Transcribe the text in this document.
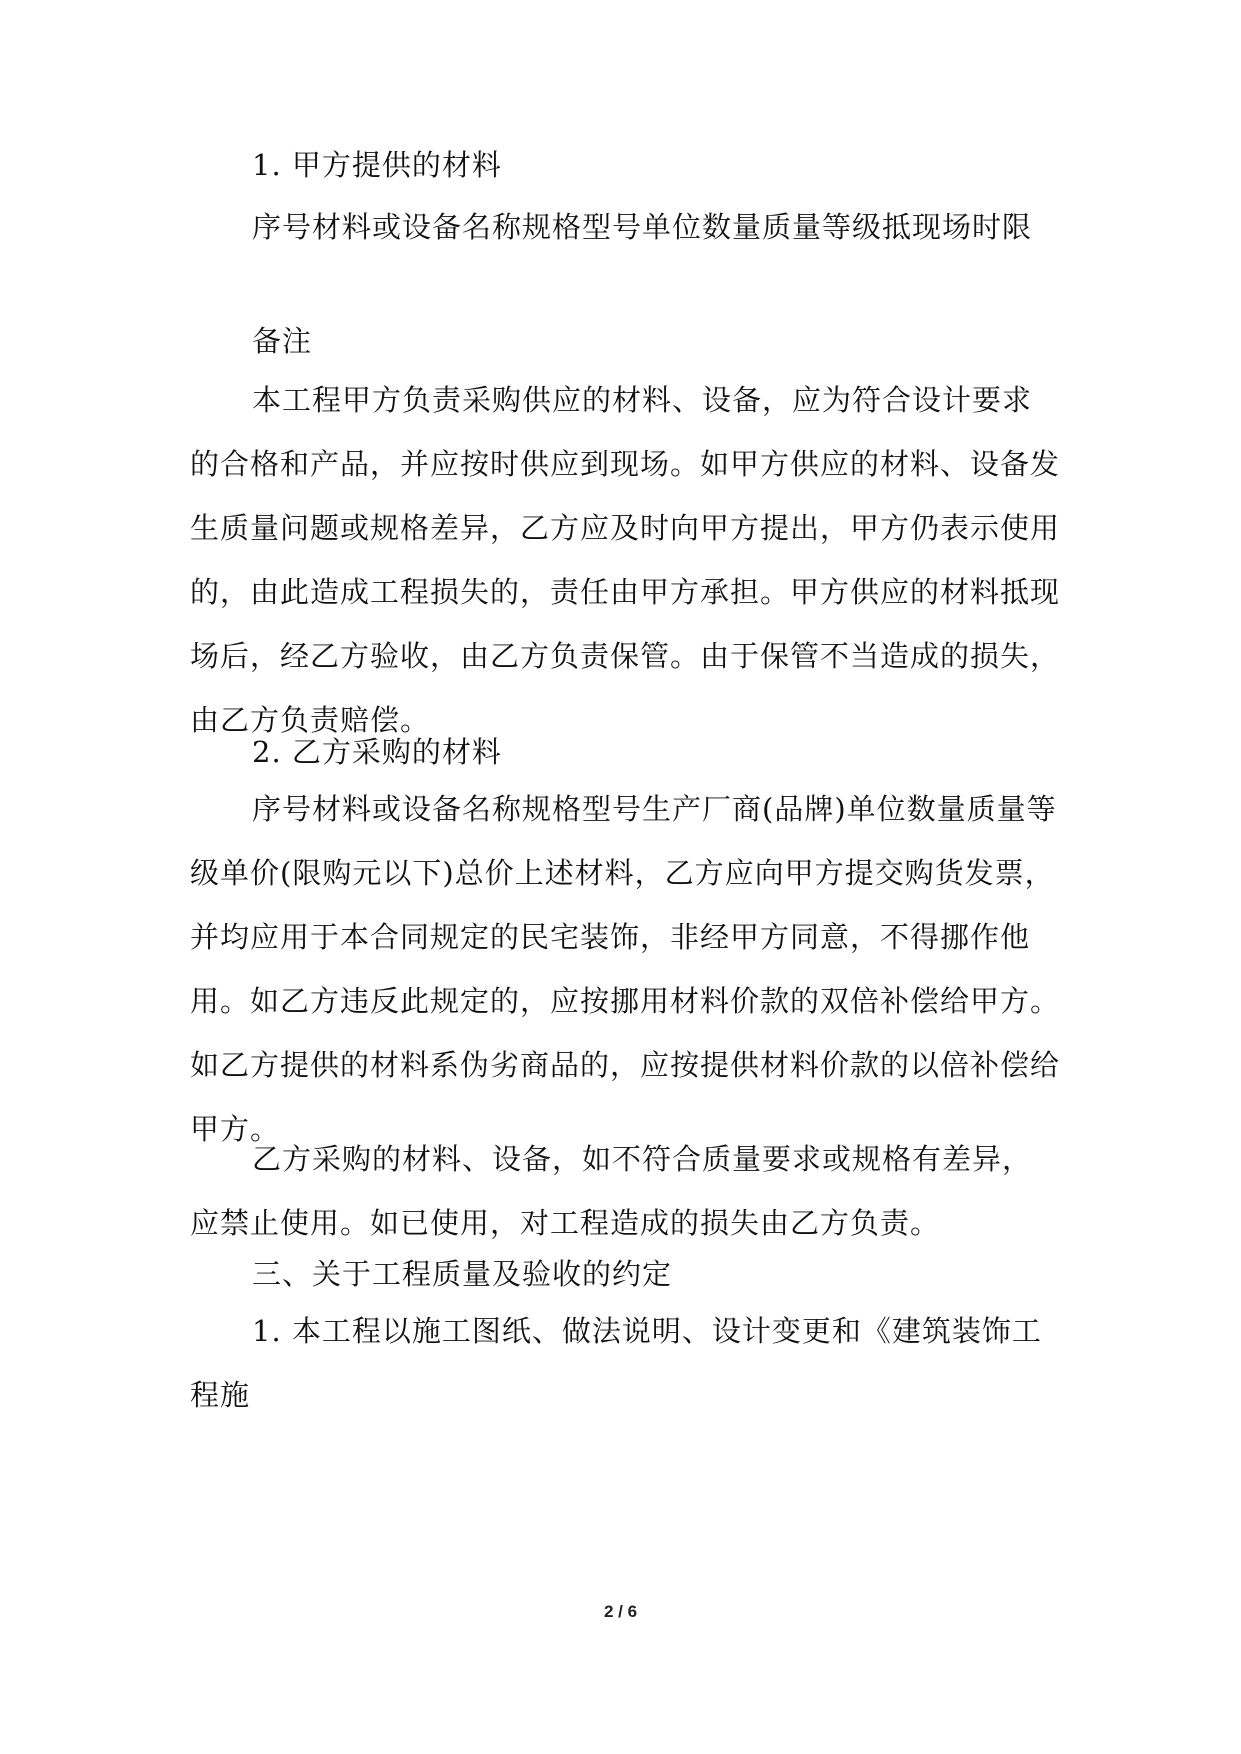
1. 甲方提供的材料

序号材料或设备名称规格型号单位数量质量等级抵现场时限

备注

本工程甲方负责采购供应的材料、设备，应为符合设计要求的合格和产品，并应按时供应到现场。如甲方供应的材料、设备发生质量问题或规格差异，乙方应及时向甲方提出，甲方仍表示使用的，由此造成工程损失的，责任由甲方承担。甲方供应的材料抵现场后，经乙方验收，由乙方负责保管。由于保管不当造成的损失，由乙方负责赔偿。

2. 乙方采购的材料

序号材料或设备名称规格型号生产厂商(品牌)单位数量质量等级单价(限购元以下)总价上述材料，乙方应向甲方提交购货发票，并均应用于本合同规定的民宅装饰，非经甲方同意，不得挪作他用。如乙方违反此规定的，应按挪用材料价款的双倍补偿给甲方。如乙方提供的材料系伪劣商品的，应按提供材料价款的以倍补偿给甲方。

乙方采购的材料、设备，如不符合质量要求或规格有差异，应禁止使用。如已使用，对工程造成的损失由乙方负责。

三、关于工程质量及验收的约定

1. 本工程以施工图纸、做法说明、设计变更和《建筑装饰工程施

2 / 6
